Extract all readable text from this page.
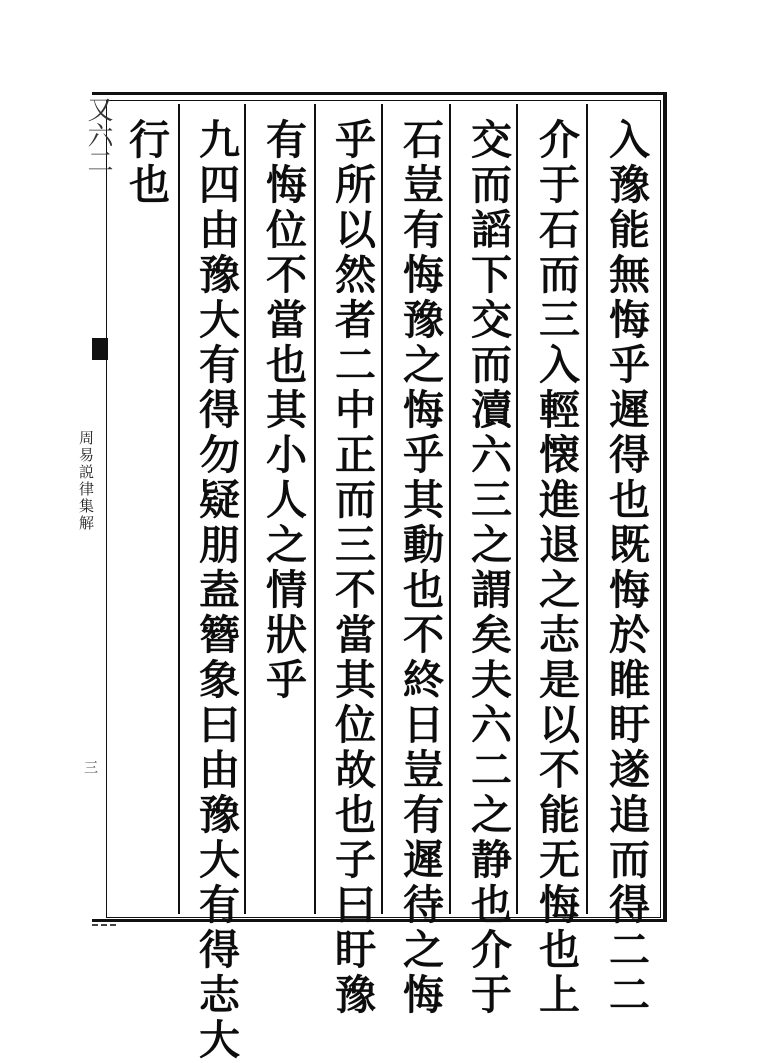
入豫能無悔乎遲得也既悔於睢盱遂追而得二二
介于石而三入輕懐進退之志是以不能无悔也上
交而謟下交而瀆六三之謂矣夫六二之静也介于
石豈有悔豫之悔乎其動也不終日豈有遲待之悔
乎所以然者二中正而三不當其位故也子曰盱豫
有悔位不當也其小人之情狀乎
九四由豫大有得勿疑朋盍簪象曰由豫大有得志大
行也
又六二
周易説律集解
三
